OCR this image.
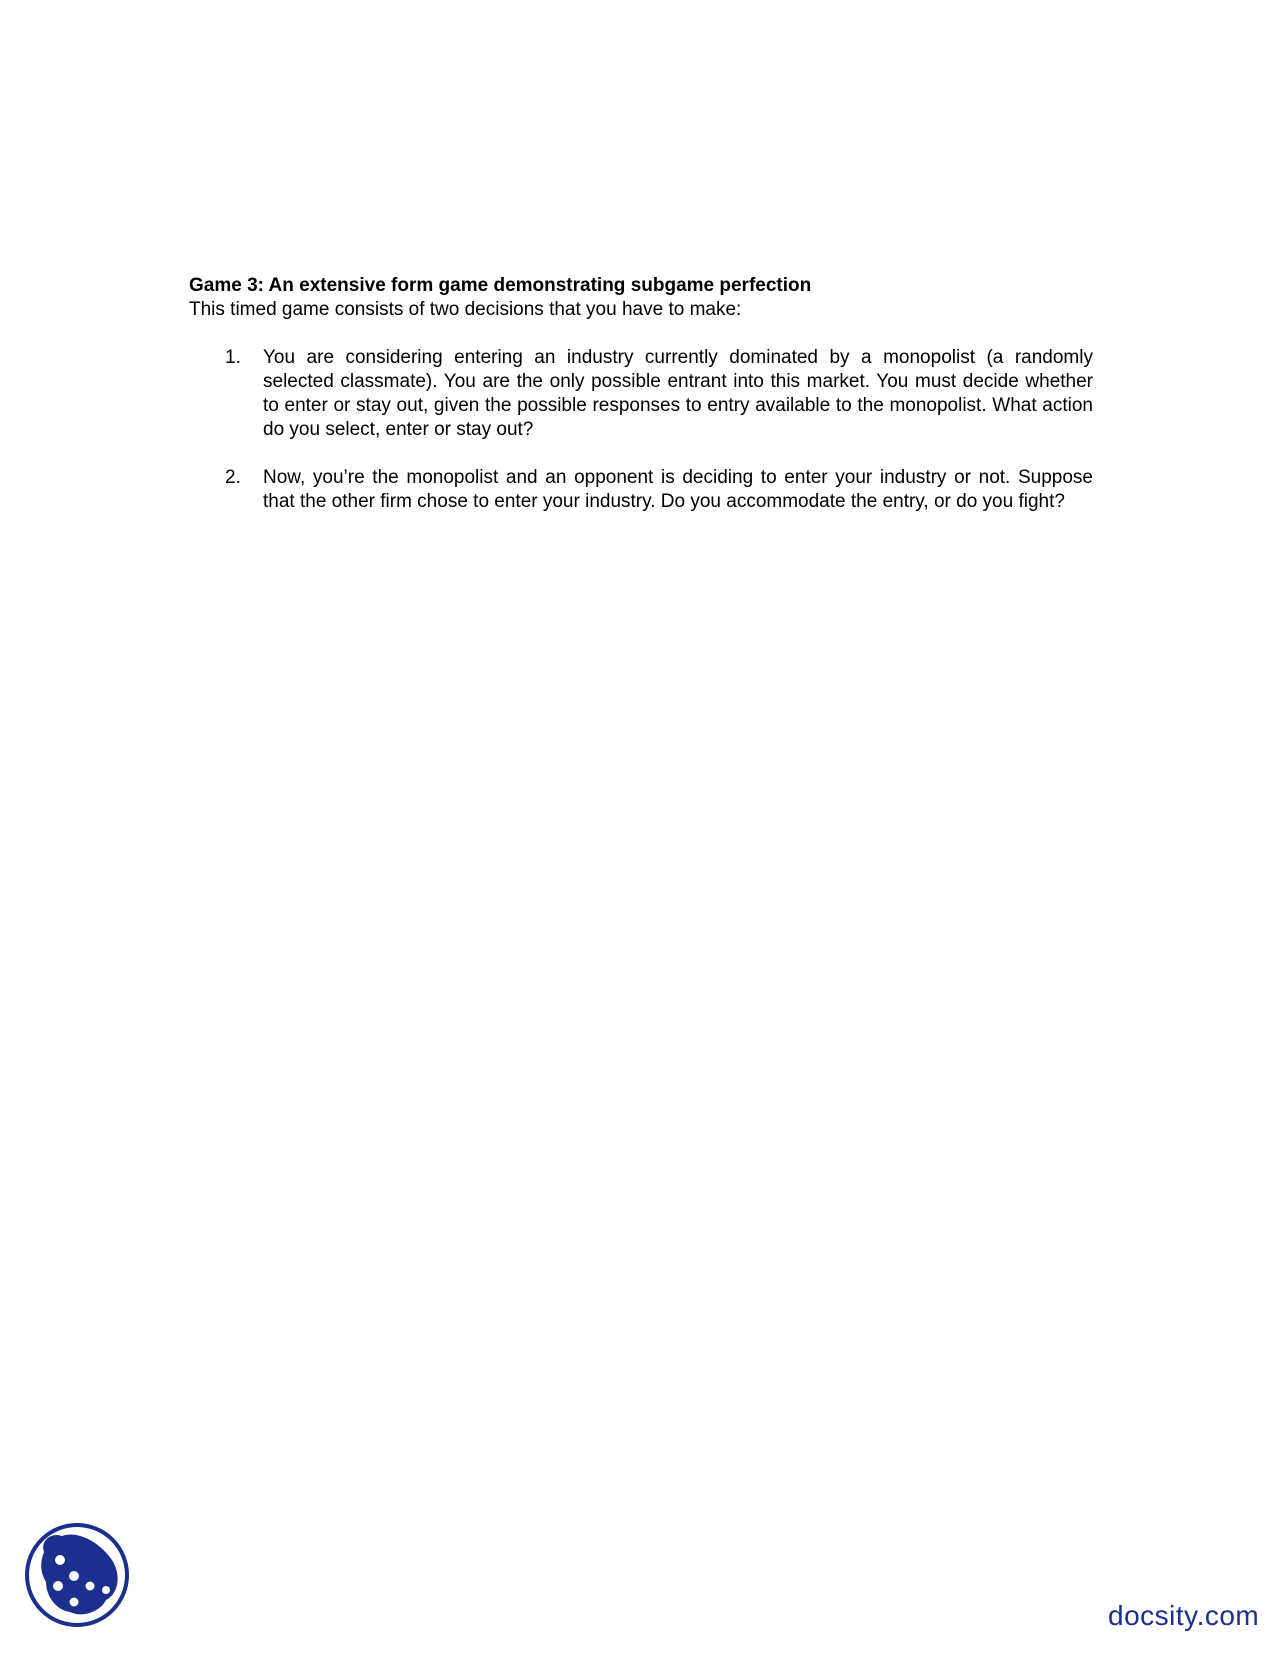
Game 3: An extensive form game demonstrating subgame perfection

This timed game consists of two decisions that you have to make:

1. You are considering entering an industry currently dominated by a monopolist (a randomly selected classmate). You are the only possible entrant into this market. You must decide whether to enter or stay out, given the possible responses to entry available to the monopolist. What action do you select, enter or stay out?
2. Now, you’re the monopolist and an opponent is deciding to enter your industry or not. Suppose that the other firm chose to enter your industry. Do you accommodate the entry, or do you fight?
docsity.com
